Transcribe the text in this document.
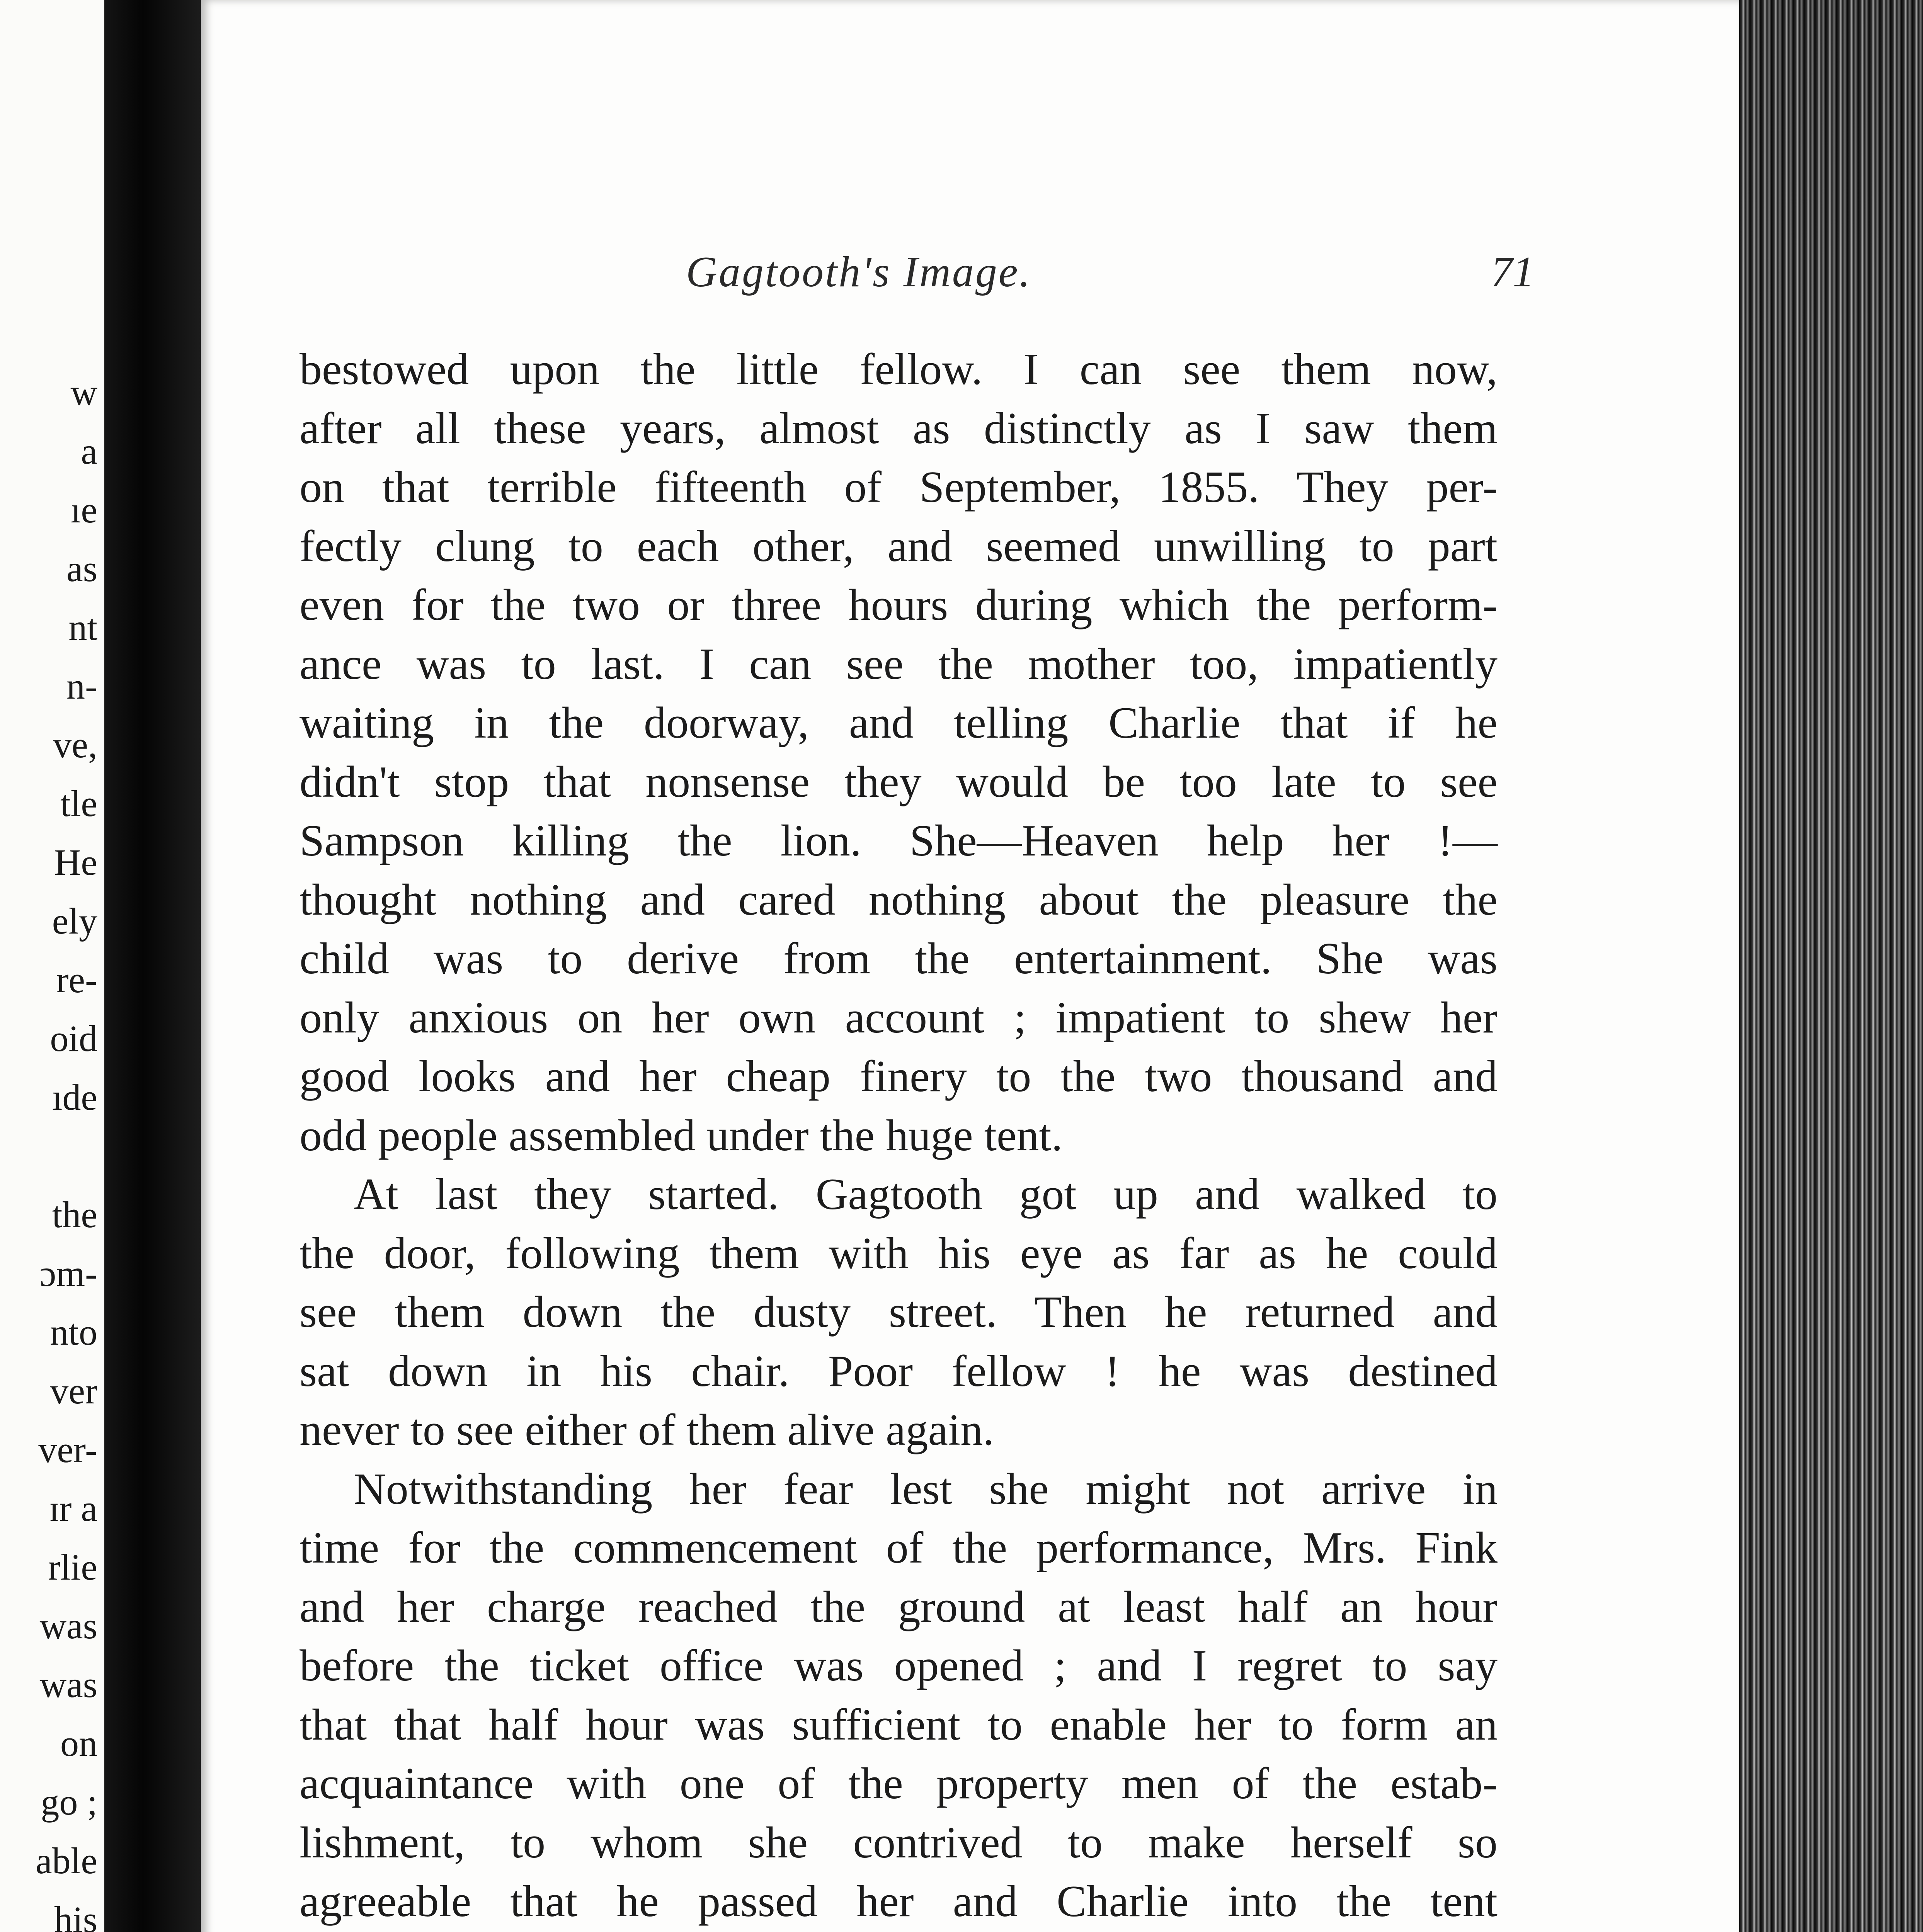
w
a
ıe
as
nt
n-
ve,
tle
He
ely
re-
oid
ıde
the
ɔm-
nto
ver
ver-
ɪr a
rlie
was
was
on
go ;
able
his
Gagtooth's Image.	71
bestowed upon the little fellow. I can see them now,
after all these years, almost as distinctly as I saw them
on that terrible fifteenth of September, 1855. They per-
fectly clung to each other, and seemed unwilling to part
even for the two or three hours during which the perform-
ance was to last. I can see the mother too, impatiently
waiting in the doorway, and telling Charlie that if he
didn't stop that nonsense they would be too late to see
Sampson killing the lion. She—Heaven help her !—
thought nothing and cared nothing about the pleasure the
child was to derive from the entertainment. She was
only anxious on her own account ; impatient to shew her
good looks and her cheap finery to the two thousand and
odd people assembled under the huge tent.
At last they started. Gagtooth got up and walked to
the door, following them with his eye as far as he could
see them down the dusty street. Then he returned and
sat down in his chair. Poor fellow ! he was destined
never to see either of them alive again.
Notwithstanding her fear lest she might not arrive in
time for the commencement of the performance, Mrs. Fink
and her charge reached the ground at least half an hour
before the ticket office was opened ; and I regret to say
that that half hour was sufficient to enable her to form an
acquaintance with one of the property men of the estab-
lishment, to whom she contrived to make herself so
agreeable that he passed her and Charlie into the tent
